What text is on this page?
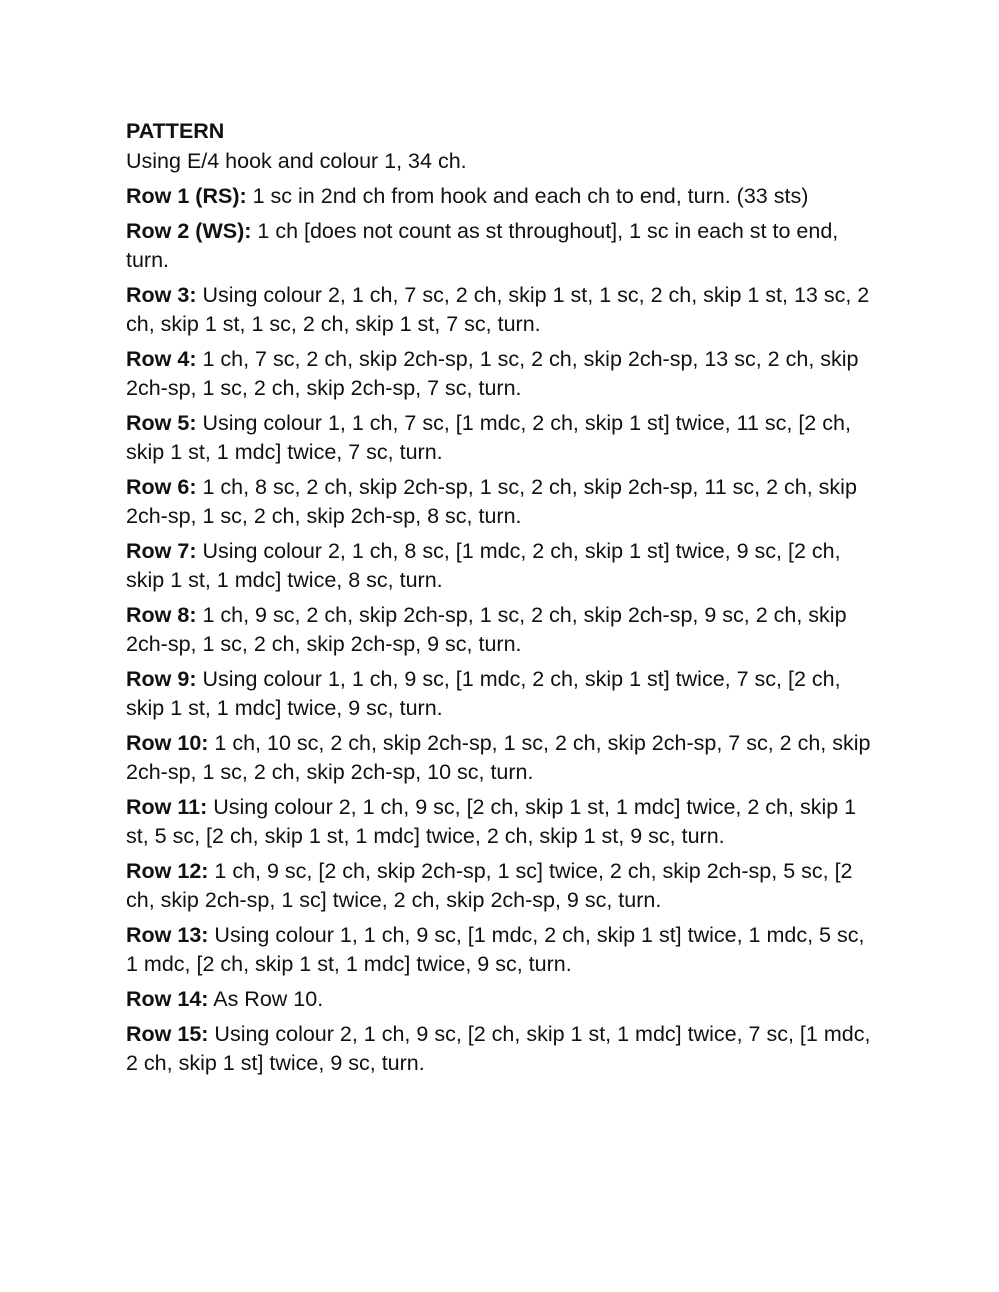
PATTERN
Using E/4 hook and colour 1, 34 ch.
Row 1 (RS): 1 sc in 2nd ch from hook and each ch to end, turn. (33 sts)
Row 2 (WS): 1 ch [does not count as st throughout], 1 sc in each st to end, turn.
Row 3: Using colour 2, 1 ch, 7 sc, 2 ch, skip 1 st, 1 sc, 2 ch, skip 1 st, 13 sc, 2 ch, skip 1 st, 1 sc, 2 ch, skip 1 st, 7 sc, turn.
Row 4: 1 ch, 7 sc, 2 ch, skip 2ch-sp, 1 sc, 2 ch, skip 2ch-sp, 13 sc, 2 ch, skip 2ch-sp, 1 sc, 2 ch, skip 2ch-sp, 7 sc, turn.
Row 5: Using colour 1, 1 ch, 7 sc, [1 mdc, 2 ch, skip 1 st] twice, 11 sc, [2 ch, skip 1 st, 1 mdc] twice, 7 sc, turn.
Row 6: 1 ch, 8 sc, 2 ch, skip 2ch-sp, 1 sc, 2 ch, skip 2ch-sp, 11 sc, 2 ch, skip 2ch-sp, 1 sc, 2 ch, skip 2ch-sp, 8 sc, turn.
Row 7: Using colour 2, 1 ch, 8 sc, [1 mdc, 2 ch, skip 1 st] twice, 9 sc, [2 ch, skip 1 st, 1 mdc] twice, 8 sc, turn.
Row 8: 1 ch, 9 sc, 2 ch, skip 2ch-sp, 1 sc, 2 ch, skip 2ch-sp, 9 sc, 2 ch, skip 2ch-sp, 1 sc, 2 ch, skip 2ch-sp, 9 sc, turn.
Row 9: Using colour 1, 1 ch, 9 sc, [1 mdc, 2 ch, skip 1 st] twice, 7 sc, [2 ch, skip 1 st, 1 mdc] twice, 9 sc, turn.
Row 10: 1 ch, 10 sc, 2 ch, skip 2ch-sp, 1 sc, 2 ch, skip 2ch-sp, 7 sc, 2 ch, skip 2ch-sp, 1 sc, 2 ch, skip 2ch-sp, 10 sc, turn.
Row 11: Using colour 2, 1 ch, 9 sc, [2 ch, skip 1 st, 1 mdc] twice, 2 ch, skip 1 st, 5 sc, [2 ch, skip 1 st, 1 mdc] twice, 2 ch, skip 1 st, 9 sc, turn.
Row 12: 1 ch, 9 sc, [2 ch, skip 2ch-sp, 1 sc] twice, 2 ch, skip 2ch-sp, 5 sc, [2 ch, skip 2ch-sp, 1 sc] twice, 2 ch, skip 2ch-sp, 9 sc, turn.
Row 13: Using colour 1, 1 ch, 9 sc, [1 mdc, 2 ch, skip 1 st] twice, 1 mdc, 5 sc, 1 mdc, [2 ch, skip 1 st, 1 mdc] twice, 9 sc, turn.
Row 14: As Row 10.
Row 15: Using colour 2, 1 ch, 9 sc, [2 ch, skip 1 st, 1 mdc] twice, 7 sc, [1 mdc, 2 ch, skip 1 st] twice, 9 sc, turn.
